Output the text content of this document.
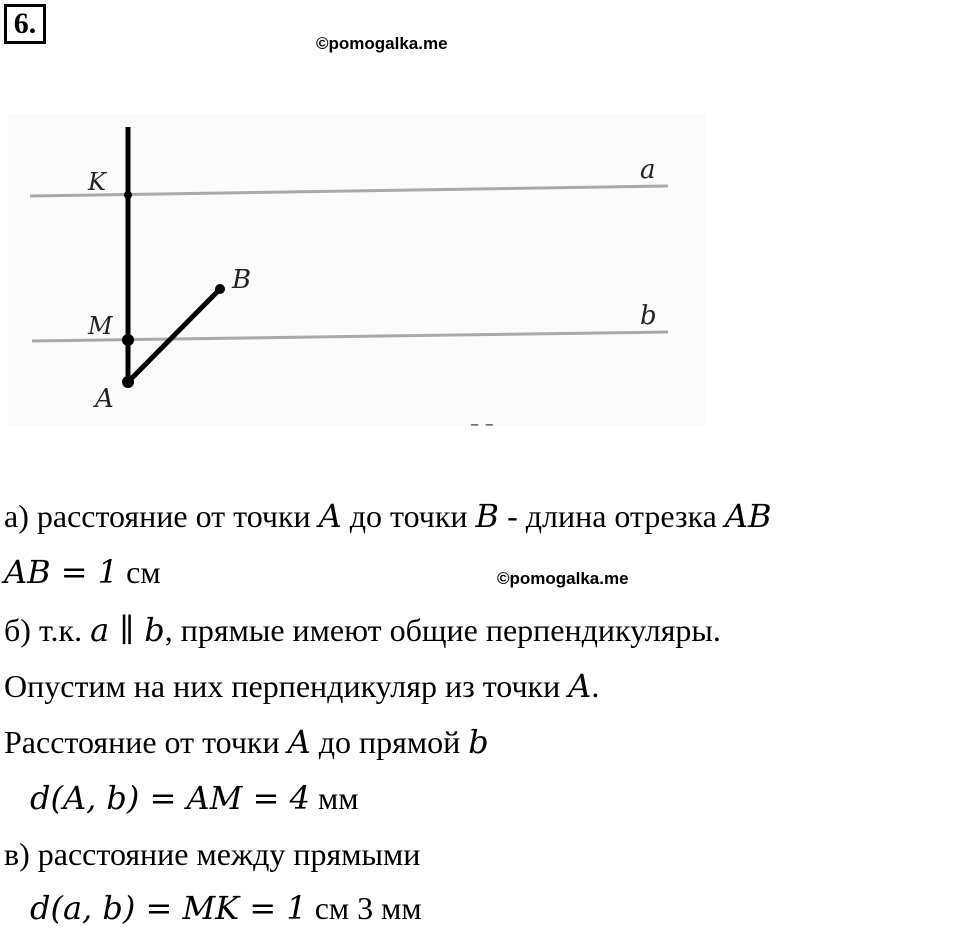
6.
©pomogalka.me
K
M
A
B
a
b
– –
а) расстояние от точки A до точки B - длина отрезка AB
AB = 1 см	©pomogalka.me
б) т.к. a ∥ b, прямые имеют общие перпендикуляры.
Опустим на них перпендикуляр из точки A.
Расстояние от точки A до прямой b
d(A, b) = AM = 4 мм
в) расстояние между прямыми
d(a, b) = MK = 1 см 3 мм
